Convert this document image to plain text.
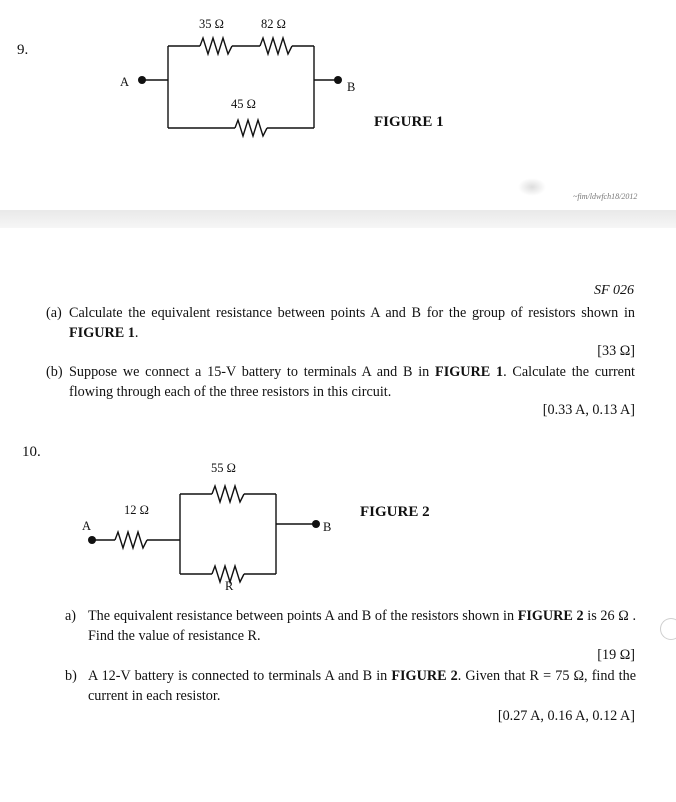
9.
35 Ω	82 Ω
45 Ω
A	B
FIGURE 1
~fim/ldwfch18/2012
SF 026
(a) Calculate the equivalent resistance between points A and B for the group of resistors shown in FIGURE 1.
[33 Ω]
(b) Suppose we connect a 15-V battery to terminals A and B in FIGURE 1. Calculate the current flowing through each of the three resistors in this circuit.
[0.33 A, 0.13 A]
10.
55 Ω
12 Ω
R
A	B
FIGURE 2
a) The equivalent resistance between points A and B of the resistors shown in FIGURE 2 is 26 Ω . Find the value of resistance R.
[19 Ω]
b) A 12-V battery is connected to terminals A and B in FIGURE 2. Given that R = 75 Ω, find the current in each resistor.
[0.27 A, 0.16 A, 0.12 A]
